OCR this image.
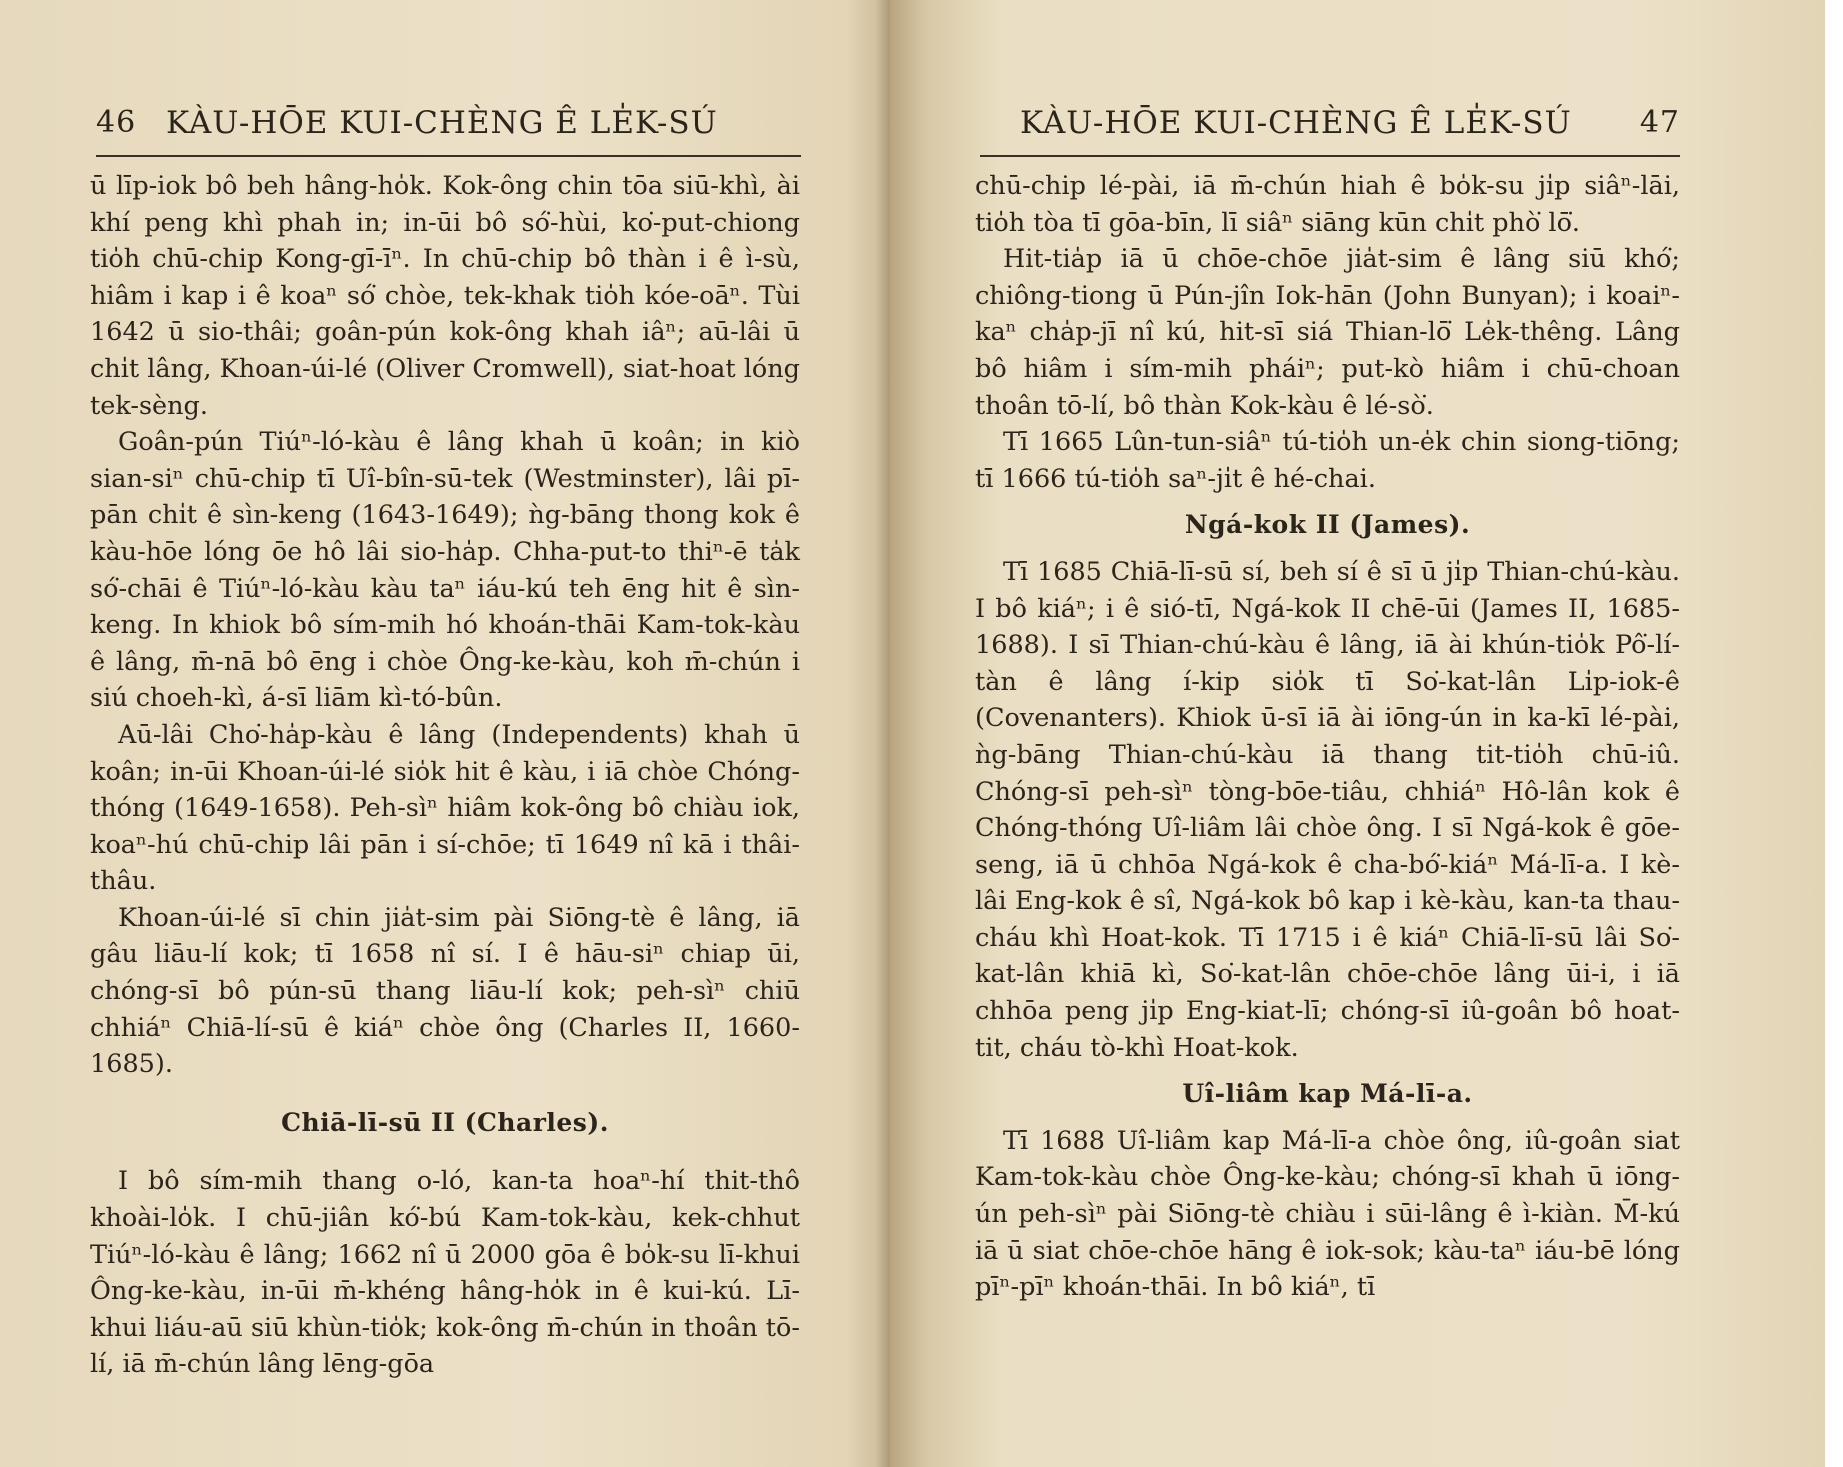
46 KÀU-HŌE KUI-CHÈNG Ê LE̍K-SÚ

ū līp-iok bô beh hâng-ho̍k. Kok-ông chin tōa siū-khì, ài khí peng khì phah in; in-ūi bô só͘-hùi, ko͘-put-chiong tio̍h chū-chip Kong-gī-īⁿ. In chū-chip bô thàn i ê ì-sù, hiâm i kap i ê koaⁿ só͘ chòe, tek-khak tio̍h kóe-oāⁿ. Tùi 1642 ū sio-thâi; goân-pún kok-ông khah iâⁿ; aū-lâi ū chi̍t lâng, Khoan-úi-lé (Oliver Cromwell), siat-hoat lóng tek-sèng.

Goân-pún Tiúⁿ-ló-kàu ê lâng khah ū koân; in kiò sian-siⁿ chū-chip tī Uî-bîn-sū-tek (Westminster), lâi pī-pān chi̍t ê sìn-keng (1643-1649); ǹg-bāng thong kok ê kàu-hōe lóng ōe hô lâi sio-ha̍p. Chha-put-to thiⁿ-ē ta̍k só͘-chāi ê Tiúⁿ-ló-kàu kàu taⁿ iáu-kú teh ēng hit ê sìn-keng. In khiok bô sím-mih hó khoán-thāi Kam-tok-kàu ê lâng, m̄-nā bô ēng i chòe Ông-ke-kàu, koh m̄-chún i siú choeh-kì, á-sī liām kì-tó-bûn.

Aū-lâi Cho͘-ha̍p-kàu ê lâng (Independents) khah ū koân; in-ūi Khoan-úi-lé sio̍k hit ê kàu, i iā chòe Chóng-thóng (1649-1658). Peh-sìⁿ hiâm kok-ông bô chiàu iok, koaⁿ-hú chū-chip lâi pān i sí-chōe; tī 1649 nî kā i thâi-thâu.

Khoan-úi-lé sī chin jia̍t-sim pài Siōng-tè ê lâng, iā gâu liāu-lí kok; tī 1658 nî sí. I ê hāu-siⁿ chiap ūi, chóng-sī bô pún-sū thang liāu-lí kok; peh-sìⁿ chiū chhiáⁿ Chiā-lí-sū ê kiáⁿ chòe ông (Charles II, 1660-1685).

Chiā-lī-sū II (Charles).

I bô sím-mih thang o-ló, kan-ta hoaⁿ-hí thit-thô khoài-lo̍k. I chū-jiân kó͘-bú Kam-tok-kàu, kek-chhut Tiúⁿ-ló-kàu ê lâng; 1662 nî ū 2000 gōa ê bo̍k-su lī-khui Ông-ke-kàu, in-ūi m̄-khéng hâng-ho̍k in ê kui-kú. Lī-khui liáu-aū siū khùn-tio̍k; kok-ông m̄-chún in thoân tō-lí, iā m̄-chún lâng lēng-gōa

KÀU-HŌE KUI-CHÈNG Ê LE̍K-SÚ 47

chū-chip lé-pài, iā m̄-chún hiah ê bo̍k-su ji̍p siâⁿ-lāi, tio̍h tòa tī gōa-bīn, lī siâⁿ siāng kūn chi̍t phò͘ lō͘.

Hit-tia̍p iā ū chōe-chōe jia̍t-sim ê lâng siū khó͘; chiông-tiong ū Pún-jîn Iok-hān (John Bunyan); i koaiⁿ-kaⁿ cha̍p-jī nî kú, hit-sī siá Thian-lō͘ Le̍k-thêng. Lâng bô hiâm i sím-mih pháiⁿ; put-kò hiâm i chū-choan thoân tō-lí, bô thàn Kok-kàu ê lé-sò͘.

Tī 1665 Lûn-tun-siâⁿ tú-tio̍h un-e̍k chin siong-tiōng; tī 1666 tú-tio̍h saⁿ-ji̍t ê hé-chai.

Ngá-kok II (James).

Tī 1685 Chiā-lī-sū sí, beh sí ê sī ū ji̍p Thian-chú-kàu. I bô kiáⁿ; i ê sió-tī, Ngá-kok II chē-ūi (James II, 1685-1688). I sī Thian-chú-kàu ê lâng, iā ài khún-tio̍k Pô͘-lí-tàn ê lâng í-kip sio̍k tī So͘-kat-lân Li̍p-iok-ê (Covenanters). Khiok ū-sī iā ài iōng-ún in ka-kī lé-pài, ǹg-bāng Thian-chú-kàu iā thang tit-tio̍h chū-iû. Chóng-sī peh-sìⁿ tòng-bōe-tiâu, chhiáⁿ Hô-lân kok ê Chóng-thóng Uî-liâm lâi chòe ông. I sī Ngá-kok ê gōe-seng, iā ū chhōa Ngá-kok ê cha-bó͘-kiáⁿ Má-lī-a. I kè-lâi Eng-kok ê sî, Ngá-kok bô kap i kè-kàu, kan-ta thau-cháu khì Hoat-kok. Tī 1715 i ê kiáⁿ Chiā-lī-sū lâi So͘-kat-lân khiā kì, So͘-kat-lân chōe-chōe lâng ūi-i, i iā chhōa peng ji̍p Eng-kiat-lī; chóng-sī iû-goân bô hoat-tit, cháu tò-khì Hoat-kok.

Uî-liâm kap Má-lī-a.

Tī 1688 Uî-liâm kap Má-lī-a chòe ông, iû-goân siat Kam-tok-kàu chòe Ông-ke-kàu; chóng-sī khah ū iōng-ún peh-sìⁿ pài Siōng-tè chiàu i sūi-lâng ê ì-kiàn. M̄-kú iā ū siat chōe-chōe hāng ê iok-sok; kàu-taⁿ iáu-bē lóng pīⁿ-pīⁿ khoán-thāi. In bô kiáⁿ, tī
